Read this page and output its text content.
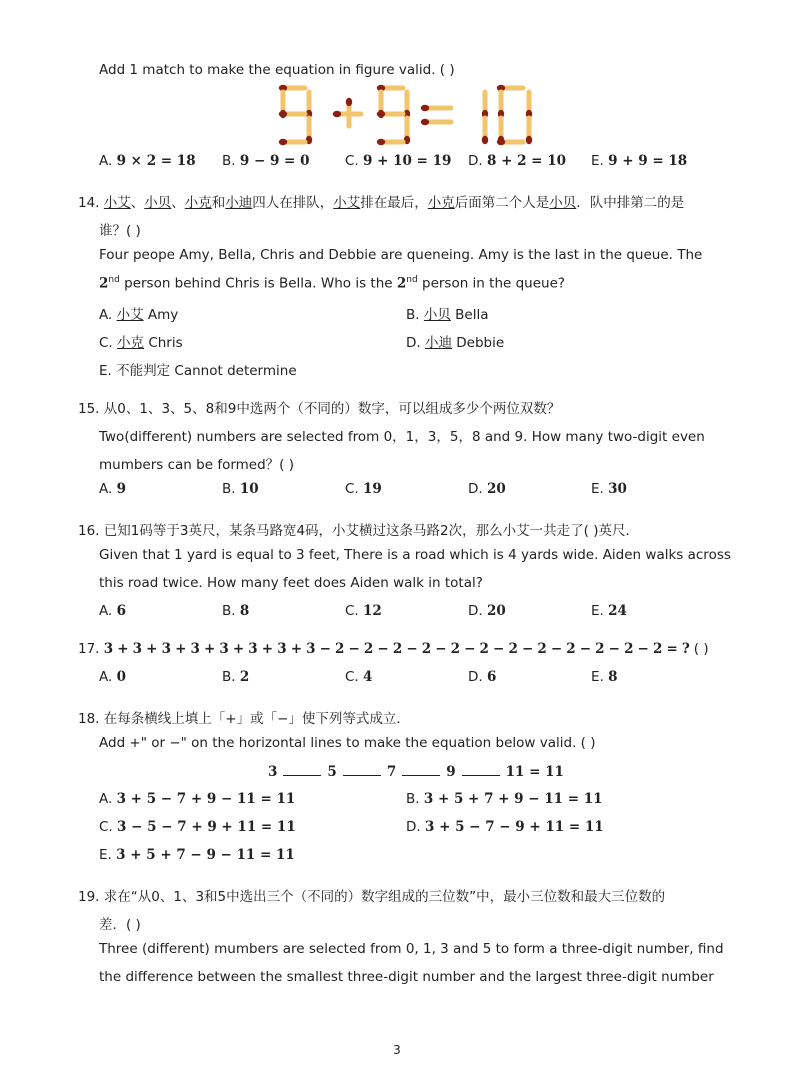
Add 1 match to make the equation in figure valid. ( )
A. 9 × 2 = 18 B. 9 − 9 = 0	C. 9 + 10 = 19 D. 8 + 2 = 10 E. 9 + 9 = 18
14. 小艾、小贝、小克和小迪四人在排队，小艾排在最后，小克后面第二个人是小贝．队中排第二的是
谁？( )
Four peope Amy, Bella, Chris and Debbie are queneing. Amy is the last in the queue. The
2nd person behind Chris is Bella. Who is the 2nd person in the queue?
A. 小艾 Amy	B. 小贝 Bella
C. 小克 Chris	D. 小迪 Debbie
E. 不能判定 Cannot determine
15. 从0、1、3、5、8和9中选两个（不同的）数字，可以组成多少个两位双数？
Two(different) numbers are selected from 0，1，3，5，8 and 9. How many two-digit even
mumbers can be formed？( )
A. 9	B. 10	C. 19	D. 20	E. 30
16. 已知1码等于3英尺，某条马路宽4码，小艾横过这条马路2次，那么小艾一共走了( )英尺．
Given that 1 yard is equal to 3 feet, There is a road which is 4 yards wide. Aiden walks across
this road twice. How many feet does Aiden walk in total?
A. 6	B. 8	C. 12	D. 20	E. 24
17. 3 + 3 + 3 + 3 + 3 + 3 + 3 + 3 − 2 − 2 − 2 − 2 − 2 − 2 − 2 − 2 − 2 − 2 − 2 − 2 = ? ( )
A. 0	B. 2	C. 4	D. 6	E. 8
18. 在每条横线上填上「+」或「−」使下列等式成立．
Add +" or −" on the horizontal lines to make the equation below valid. ( )
3	5	7	9	11 = 11
A. 3 + 5 − 7 + 9 − 11 = 11	B. 3 + 5 + 7 + 9 − 11 = 11
C. 3 − 5 − 7 + 9 + 11 = 11	D. 3 + 5 − 7 − 9 + 11 = 11
E. 3 + 5 + 7 − 9 − 11 = 11
19. 求在“从0、1、3和5中选出三个（不同的）数字组成的三位数”中，最小三位数和最大三位数的
差．( )
Three (different) mumbers are selected from 0, 1, 3 and 5 to form a three-digit number, find
the difference between the smallest three-digit number and the largest three-digit number
3
